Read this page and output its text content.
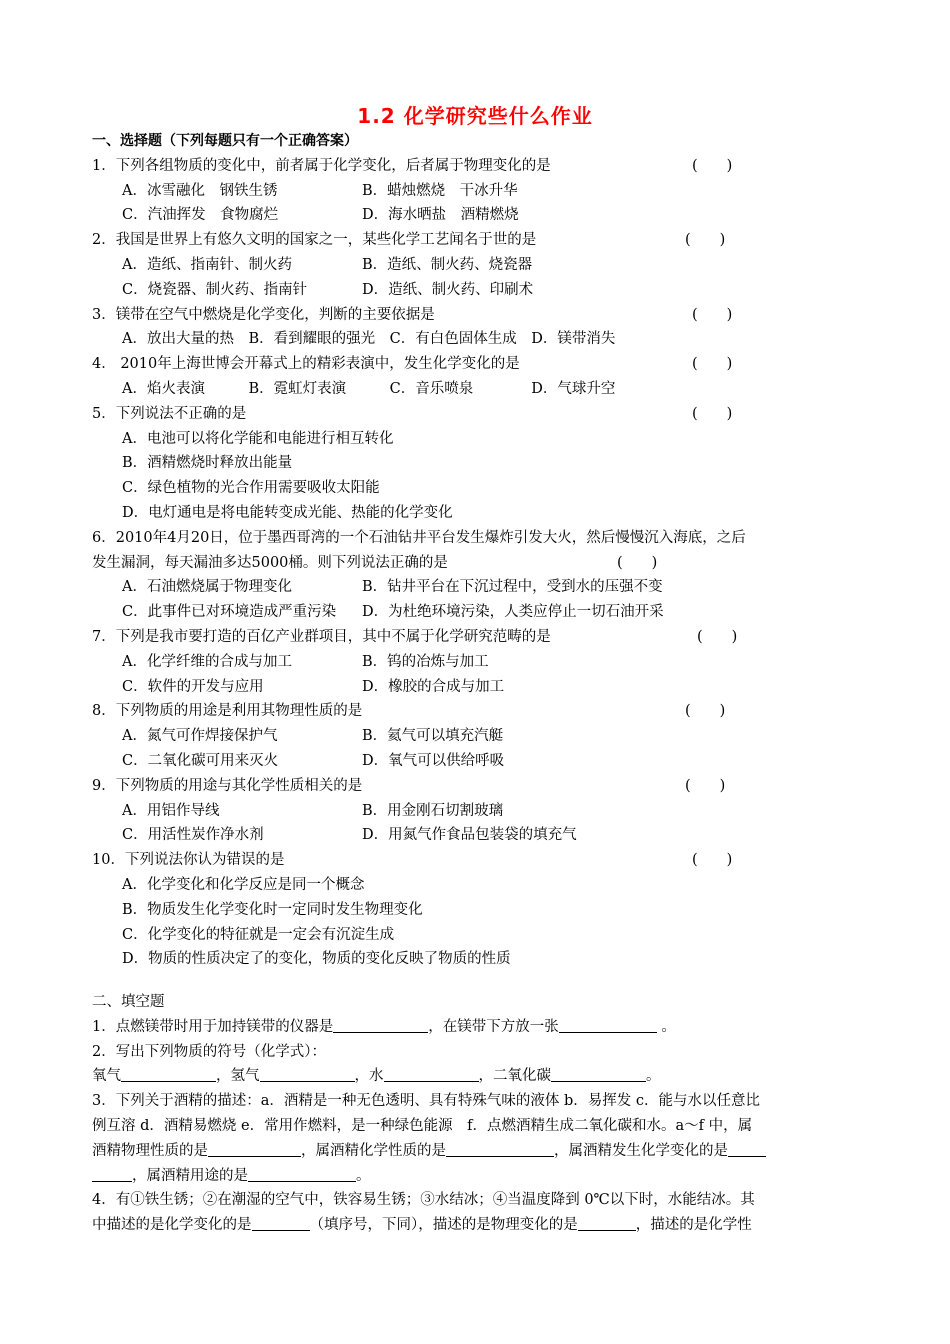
1.2 化学研究些什么作业
一、选择题（下列每题只有一个正确答案）
1．下列各组物质的变化中，前者属于化学变化，后者属于物理变化的是	(　　)
A．冰雪融化　钢铁生锈	B．蜡烛燃烧　干冰升华
C．汽油挥发　食物腐烂	D．海水晒盐　酒精燃烧
2．我国是世界上有悠久文明的国家之一，某些化学工艺闻名于世的是	(　　)
A．造纸、指南针、制火药	B．造纸、制火药、烧瓷器
C．烧瓷器、制火药、指南针	D．造纸、制火药、印刷术
3．镁带在空气中燃烧是化学变化，判断的主要依据是	(　　)
A．放出大量的热　B．看到耀眼的强光　C．有白色固体生成　D．镁带消失
4． 2010年上海世博会开幕式上的精彩表演中，发生化学变化的是	(　　)
A．焰火表演　　　B．霓虹灯表演　　　C．音乐喷泉　　　　D．气球升空
5．下列说法不正确的是	(　　)
A．电池可以将化学能和电能进行相互转化
B．酒精燃烧时释放出能量
C．绿色植物的光合作用需要吸收太阳能
D．电灯通电是将电能转变成光能、热能的化学变化
6．2010年4月20日，位于墨西哥湾的一个石油钻井平台发生爆炸引发大火，然后慢慢沉入海底，之后
发生漏洞，每天漏油多达5000桶。则下列说法正确的是	(　　)
A．石油燃烧属于物理变化	B．钻井平台在下沉过程中，受到水的压强不变
C．此事件已对环境造成严重污染 D．为杜绝环境污染，人类应停止一切石油开采
7．下列是我市要打造的百亿产业群项目，其中不属于化学研究范畴的是	(　　)
A．化学纤维的合成与加工	B．钨的冶炼与加工
C．软件的开发与应用	D．橡胶的合成与加工
8．下列物质的用途是利用其物理性质的是	(　　)
A．氮气可作焊接保护气	B．氦气可以填充汽艇
C．二氧化碳可用来灭火	D．氧气可以供给呼吸
9．下列物质的用途与其化学性质相关的是	(　　)
A．用铝作导线	B．用金刚石切割玻璃
C．用活性炭作净水剂	D．用氮气作食品包装袋的填充气
10．下列说法你认为错误的是	(　　)
A．化学变化和化学反应是同一个概念
B．物质发生化学变化时一定同时发生物理变化
C．化学变化的特征就是一定会有沉淀生成
D．物质的性质决定了的变化，物质的变化反映了物质的性质
二、填空题
1．点燃镁带时用于加持镁带的仪器是	，在镁带下方放一张	。
2．写出下列物质的符号（化学式）：
氧气	，氢气	，水	，二氧化碳	。
3．下列关于酒精的描述：a．酒精是一种无色透明、具有特殊气味的液体 b．易挥发 c．能与水以任意比
例互溶 d．酒精易燃烧 e．常用作燃料，是一种绿色能源　f．点燃酒精生成二氧化碳和水。a～f 中，属
酒精物理性质的是	，属酒精化学性质的是	，属酒精发生化学变化的是
，属酒精用途的是	。
4．有①铁生锈；②在潮湿的空气中，铁容易生锈；③水结冰；④当温度降到 0℃以下时，水能结冰。其
中描述的是化学变化的是	（填序号，下同），描述的是物理变化的是	，描述的是化学性
